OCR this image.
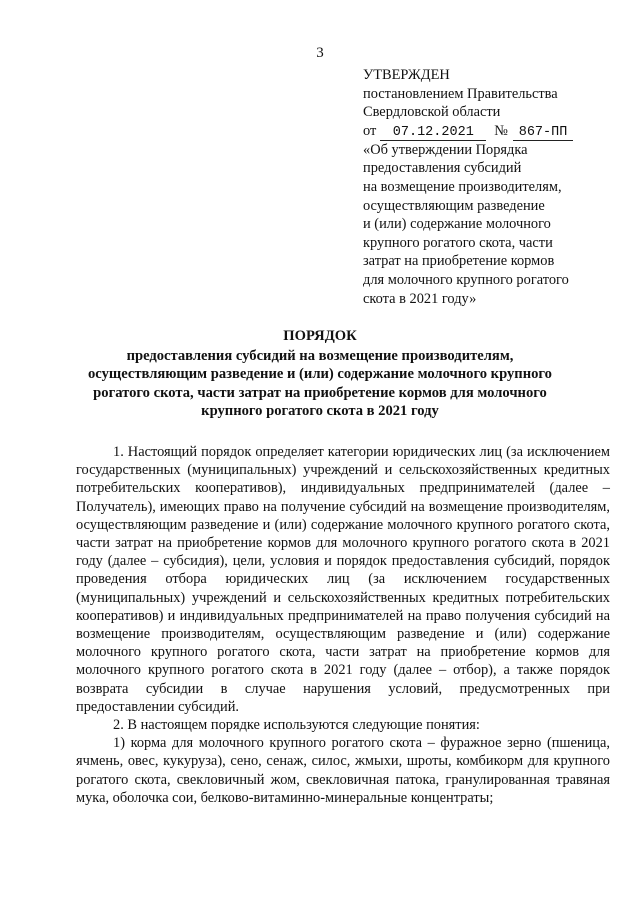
3
УТВЕРЖДЕН
постановлением Правительства
Свердловской области
от	07.12.2021	№ 867-ПП
«Об утверждении Порядка
предоставления субсидий
на возмещение производителям,
осуществляющим разведение
и (или) содержание молочного
крупного рогатого скота, части
затрат на приобретение кормов
для молочного крупного рогатого
скота в 2021 году»
ПОРЯДОК
предоставления субсидий на возмещение производителям, осуществляющим разведение и (или) содержание молочного крупного рогатого скота, части затрат на приобретение кормов для молочного крупного рогатого скота в 2021 году

1. Настоящий порядок определяет категории юридических лиц (за исключением государственных (муниципальных) учреждений и сельскохозяйственных кредитных потребительских кооперативов), индивидуальных предпринимателей (далее – Получатель), имеющих право на получение субсидий на возмещение производителям, осуществляющим разведение и (или) содержание молочного крупного рогатого скота, части затрат на приобретение кормов для молочного крупного рогатого скота в 2021 году (далее – субсидия), цели, условия и порядок предоставления субсидий, порядок проведения отбора юридических лиц (за исключением государственных (муниципальных) учреждений и сельскохозяйственных кредитных потребительских кооперативов) и индивидуальных предпринимателей на право получения субсидий на возмещение производителям, осуществляющим разведение и (или) содержание молочного крупного рогатого скота, части затрат на приобретение кормов для молочного крупного рогатого скота в 2021 году (далее – отбор), а также порядок возврата субсидии в случае нарушения условий, предусмотренных при предоставлении субсидий.

2. В настоящем порядке используются следующие понятия:

1) корма для молочного крупного рогатого скота – фуражное зерно (пшеница, ячмень, овес, кукуруза), сено, сенаж, силос, жмыхи, шроты, комбикорм для крупного рогатого скота, свекловичный жом, свекловичная патока, гранулированная травяная мука, оболочка сои, белково-витаминно-минеральные концентраты;
